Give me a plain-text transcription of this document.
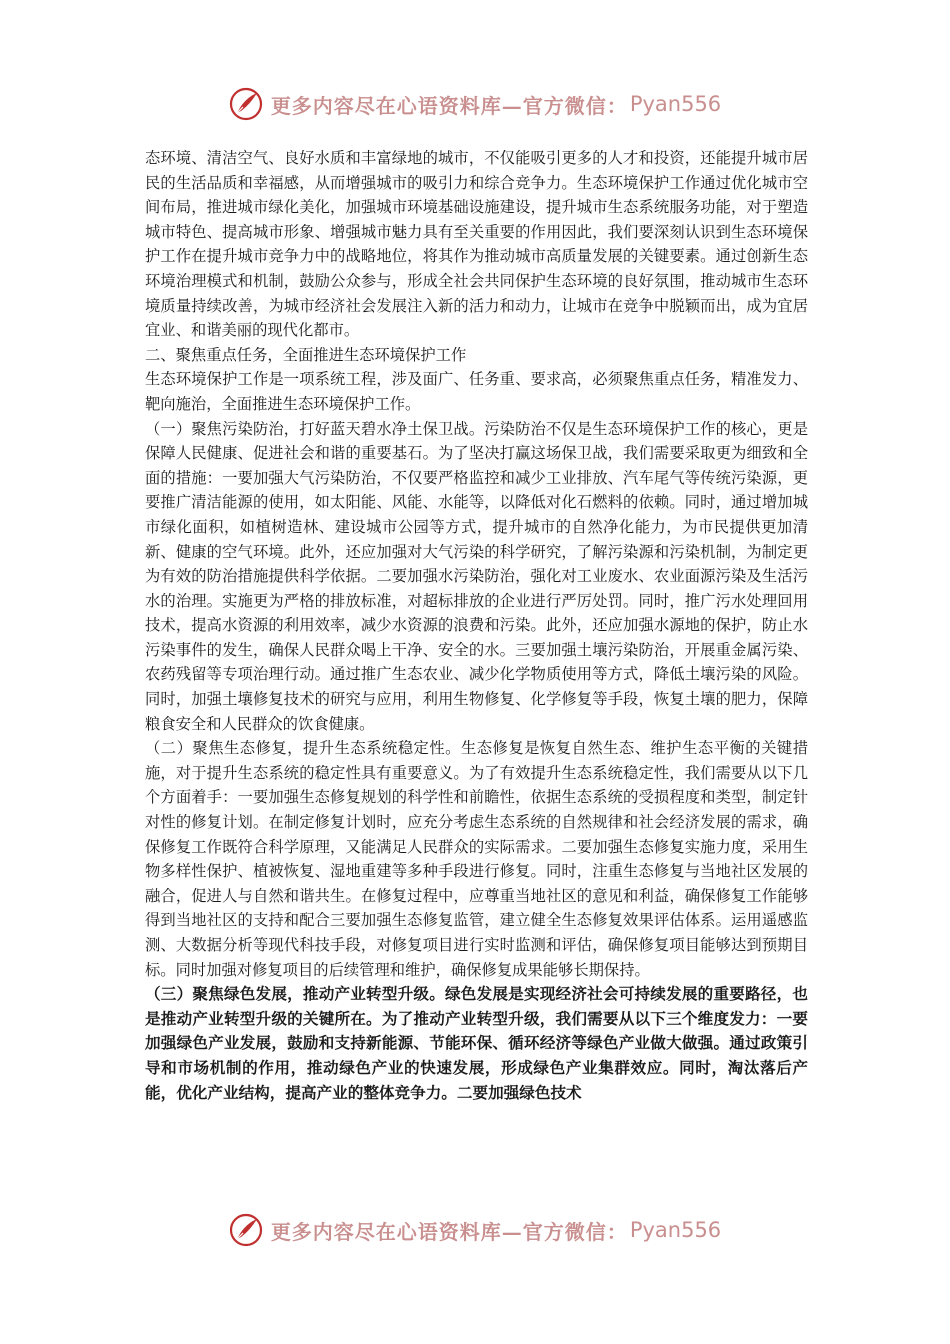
更多内容尽在心语资料库—官方微信： Pyan556

态环境、清洁空气、良好水质和丰富绿地的城市，不仅能吸引更多的人才和投资，还能提升城市居民的生活品质和幸福感，从而增强城市的吸引力和综合竞争力。生态环境保护工作通过优化城市空间布局，推进城市绿化美化，加强城市环境基础设施建设，提升城市生态系统服务功能，对于塑造城市特色、提高城市形象、增强城市魅力具有至关重要的作用因此，我们要深刻认识到生态环境保护工作在提升城市竞争力中的战略地位，将其作为推动城市高质量发展的关键要素。通过创新生态环境治理模式和机制，鼓励公众参与，形成全社会共同保护生态环境的良好氛围，推动城市生态环境质量持续改善，为城市经济社会发展注入新的活力和动力，让城市在竞争中脱颖而出，成为宜居宜业、和谐美丽的现代化都市。

二、聚焦重点任务，全面推进生态环境保护工作

生态环境保护工作是一项系统工程，涉及面广、任务重、要求高，必须聚焦重点任务，精准发力、靶向施治，全面推进生态环境保护工作。

（一）聚焦污染防治，打好蓝天碧水净土保卫战。污染防治不仅是生态环境保护工作的核心，更是保障人民健康、促进社会和谐的重要基石。为了坚决打赢这场保卫战，我们需要采取更为细致和全面的措施：一要加强大气污染防治，不仅要严格监控和减少工业排放、汽车尾气等传统污染源，更要推广清洁能源的使用，如太阳能、风能、水能等，以降低对化石燃料的依赖。同时，通过增加城市绿化面积，如植树造林、建设城市公园等方式，提升城市的自然净化能力，为市民提供更加清新、健康的空气环境。此外，还应加强对大气污染的科学研究，了解污染源和污染机制，为制定更为有效的防治措施提供科学依据。二要加强水污染防治，强化对工业废水、农业面源污染及生活污水的治理。实施更为严格的排放标准，对超标排放的企业进行严厉处罚。同时，推广污水处理回用技术，提高水资源的利用效率，减少水资源的浪费和污染。此外，还应加强水源地的保护，防止水污染事件的发生，确保人民群众喝上干净、安全的水。三要加强土壤污染防治，开展重金属污染、农药残留等专项治理行动。通过推广生态农业、减少化学物质使用等方式，降低土壤污染的风险。同时，加强土壤修复技术的研究与应用，利用生物修复、化学修复等手段，恢复土壤的肥力，保障粮食安全和人民群众的饮食健康。

（二）聚焦生态修复，提升生态系统稳定性。生态修复是恢复自然生态、维护生态平衡的关键措施，对于提升生态系统的稳定性具有重要意义。为了有效提升生态系统稳定性，我们需要从以下几个方面着手：一要加强生态修复规划的科学性和前瞻性，依据生态系统的受损程度和类型，制定针对性的修复计划。在制定修复计划时，应充分考虑生态系统的自然规律和社会经济发展的需求，确保修复工作既符合科学原理，又能满足人民群众的实际需求。二要加强生态修复实施力度，采用生物多样性保护、植被恢复、湿地重建等多种手段进行修复。同时，注重生态修复与当地社区发展的融合，促进人与自然和谐共生。在修复过程中，应尊重当地社区的意见和利益，确保修复工作能够得到当地社区的支持和配合三要加强生态修复监管，建立健全生态修复效果评估体系。运用遥感监测、大数据分析等现代科技手段，对修复项目进行实时监测和评估，确保修复项目能够达到预期目标。同时加强对修复项目的后续管理和维护，确保修复成果能够长期保持。

（三）聚焦绿色发展，推动产业转型升级。绿色发展是实现经济社会可持续发展的重要路径，也是推动产业转型升级的关键所在。为了推动产业转型升级，我们需要从以下三个维度发力：一要加强绿色产业发展，鼓励和支持新能源、节能环保、循环经济等绿色产业做大做强。通过政策引导和市场机制的作用，推动绿色产业的快速发展，形成绿色产业集群效应。同时，淘汰落后产能，优化产业结构，提高产业的整体竞争力。二要加强绿色技术

更多内容尽在心语资料库—官方微信： Pyan556
